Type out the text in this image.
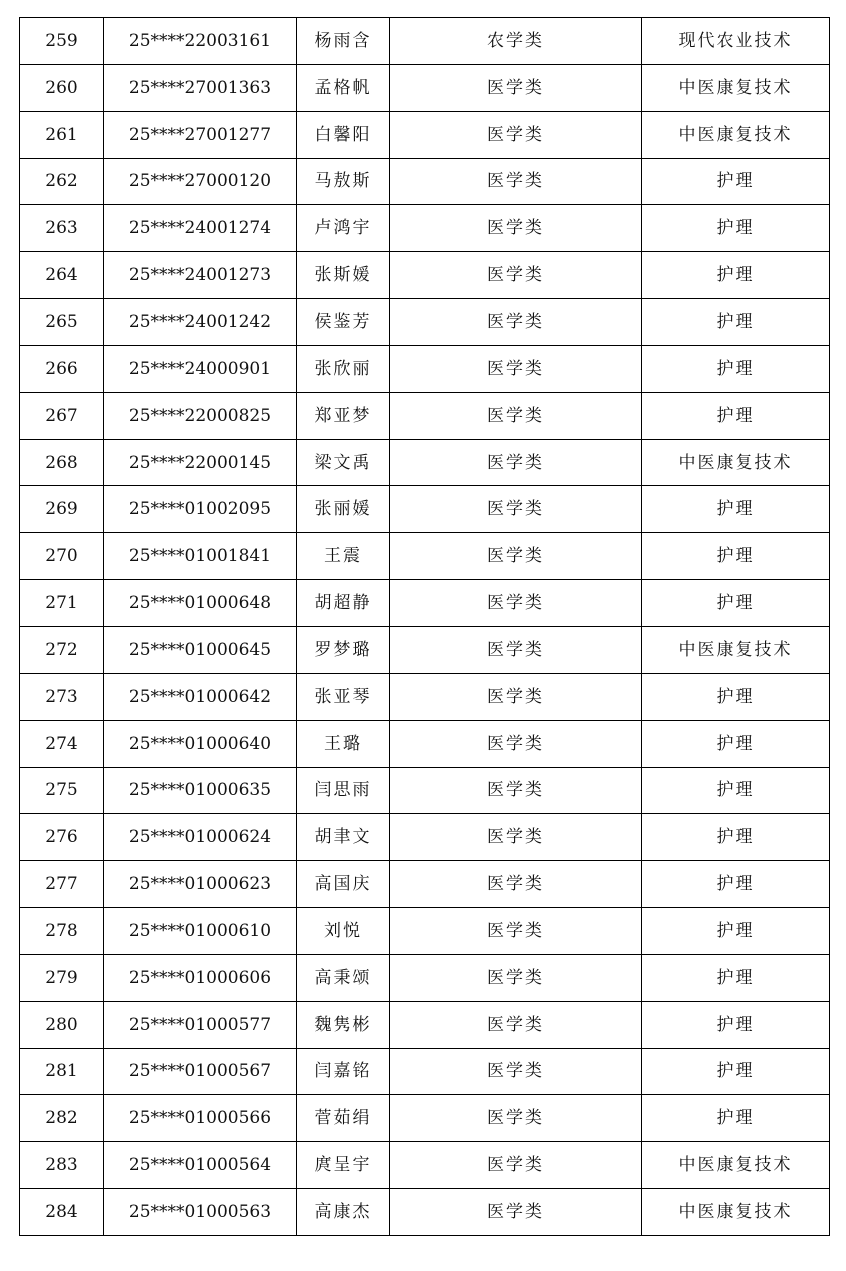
259	25****22003161	杨雨含	农学类	现代农业技术
260	25****27001363	孟格帆	医学类	中医康复技术
261	25****27001277	白馨阳	医学类	中医康复技术
262	25****27000120	马敖斯	医学类	护理
263	25****24001274	卢鸿宇	医学类	护理
264	25****24001273	张斯媛	医学类	护理
265	25****24001242	侯鉴芳	医学类	护理
266	25****24000901	张欣丽	医学类	护理
267	25****22000825	郑亚梦	医学类	护理
268	25****22000145	梁文禹	医学类	中医康复技术
269	25****01002095	张丽媛	医学类	护理
270	25****01001841	王震	医学类	护理
271	25****01000648	胡超静	医学类	护理
272	25****01000645	罗梦璐	医学类	中医康复技术
273	25****01000642	张亚琴	医学类	护理
274	25****01000640	王璐	医学类	护理
275	25****01000635	闫思雨	医学类	护理
276	25****01000624	胡聿文	医学类	护理
277	25****01000623	高国庆	医学类	护理
278	25****01000610	刘悦	医学类	护理
279	25****01000606	高秉颂	医学类	护理
280	25****01000577	魏隽彬	医学类	护理
281	25****01000567	闫嘉铭	医学类	护理
282	25****01000566	菅茹绢	医学类	护理
283	25****01000564	庹呈宇	医学类	中医康复技术
284	25****01000563	高康杰	医学类	中医康复技术
